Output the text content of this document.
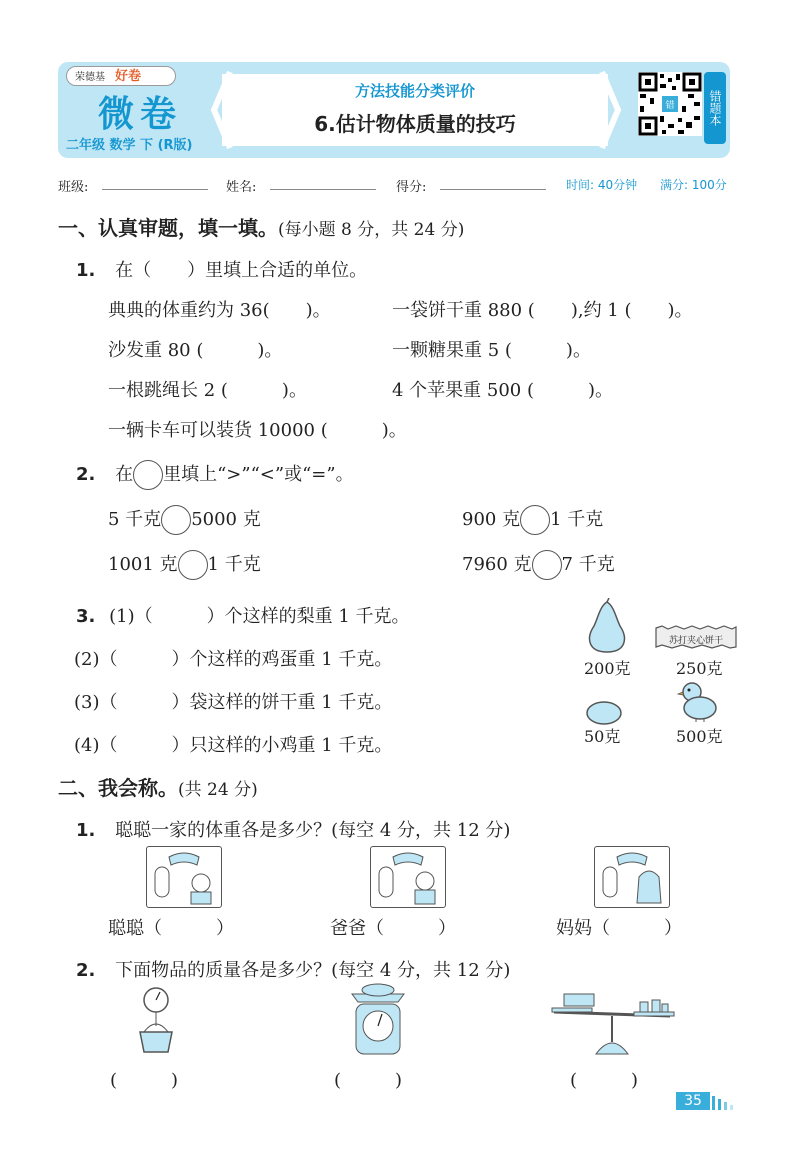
荣德基 好卷
微卷
二年级 数学 下 (R版)
方法技能分类评价
6.估计物体质量的技巧
错	错题本
班级:	姓名:	得分:	时间: 40分钟 满分: 100分
一、认真审题，填一填。(每小题 8 分，共 24 分)
1. 在（　　）里填上合适的单位。
典典的体重约为 36(　　)。	一袋饼干重 880 (　　),约 1 (　　)。
沙发重 80 (　　　)。	一颗糖果重 5 (　　　)。
一根跳绳长 2 (　　　)。	4 个苹果重 500 (　　　)。
一辆卡车可以装货 10000 (　　　)。
2. 在 里填上“>”“<”或“=”。
5 千克 5000 克	900 克 1 千克
1001 克 1 千克	7960 克 7 千克
3. (1)（　　　）个这样的梨重 1 千克。
(2)（　　　）个这样的鸡蛋重 1 千克。
(3)（　　　）袋这样的饼干重 1 千克。
(4)（　　　）只这样的小鸡重 1 千克。
200克
苏打夹心饼干
250克
50克	500克
二、我会称。(共 24 分)
1. 聪聪一家的体重各是多少？(每空 4 分，共 12 分)
聪聪（　　　）	爸爸（　　　）	妈妈（　　　）
2. 下面物品的质量各是多少？(每空 4 分，共 12 分)
(　　　)	(　　　)	(　　　)
35
